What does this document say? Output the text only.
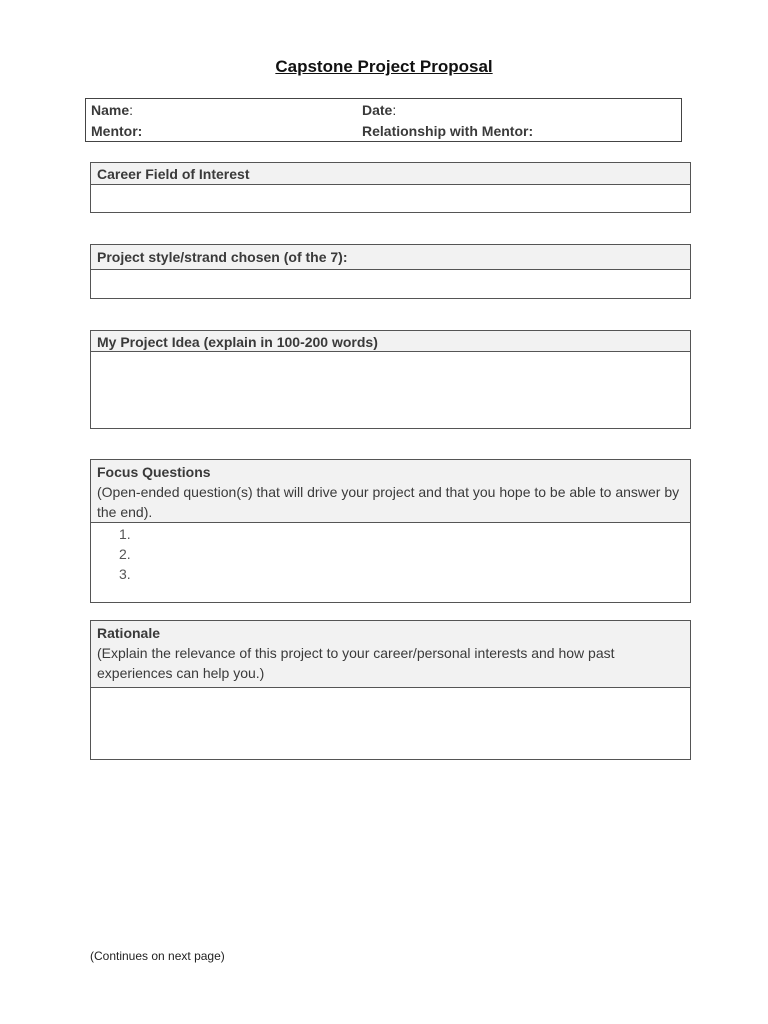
Capstone Project Proposal
Name:	Date:
Mentor:	Relationship with Mentor:
Career Field of Interest
Project style/strand chosen (of the 7):
My Project Idea (explain in 100-200 words)
Focus Questions
(Open-ended question(s) that will drive your project and that you hope to be able to answer by the end).
1.
2.
3.
Rationale
(Explain the relevance of this project to your career/personal interests and how past experiences can help you.)
(Continues on next page)
